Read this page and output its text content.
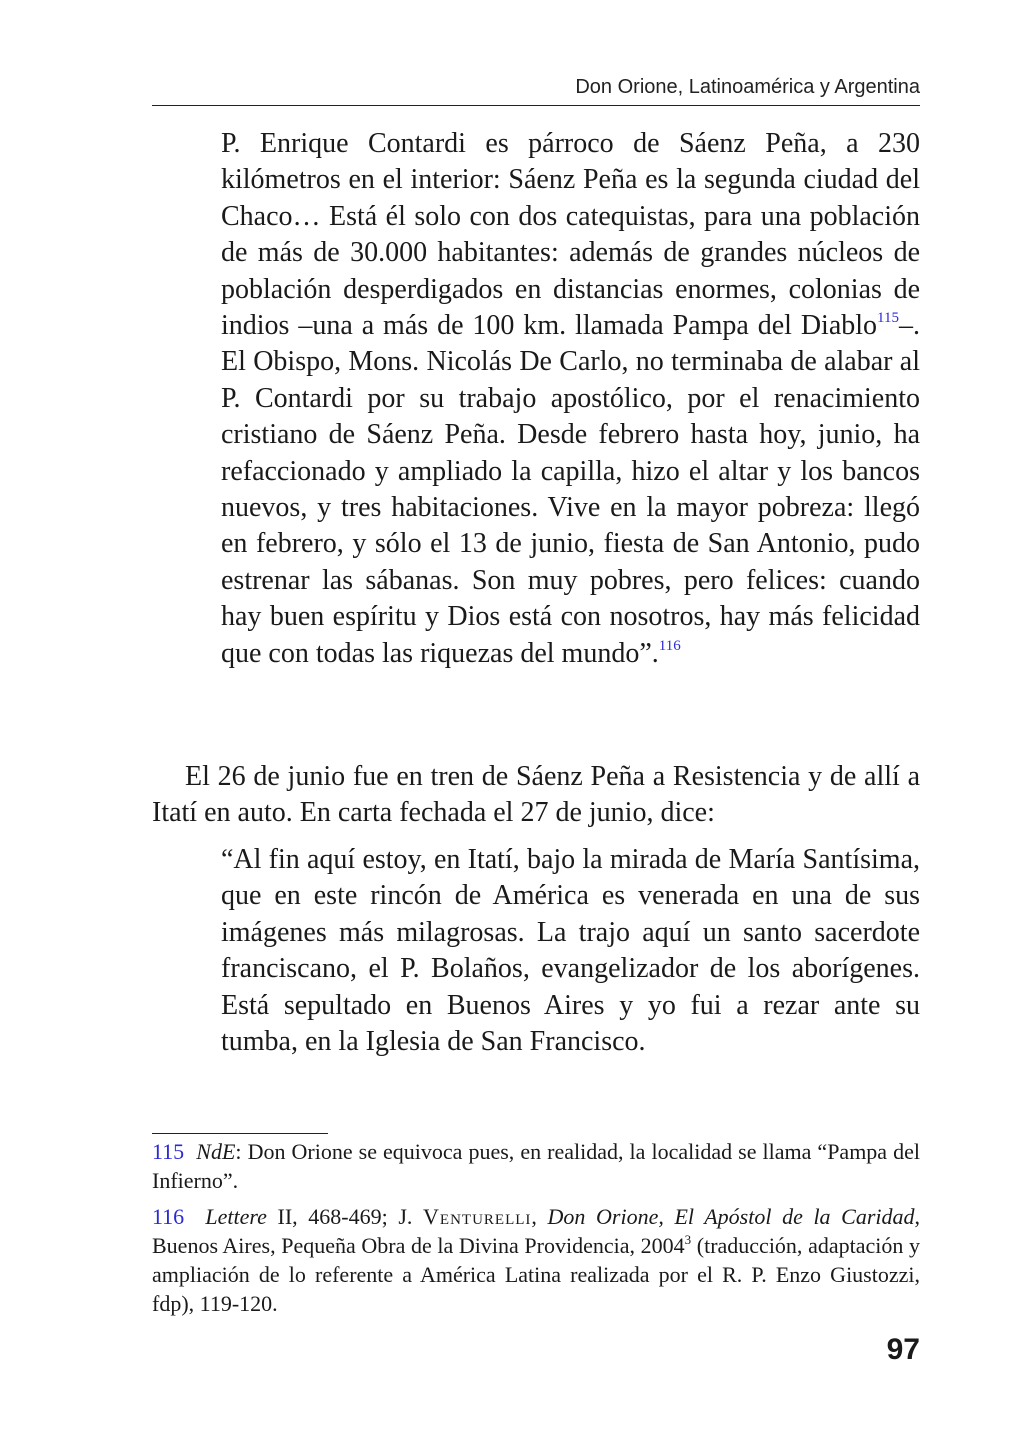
Don Orione, Latinoamérica y Argentina

P. Enrique Contardi es párroco de Sáenz Peña, a 230 kilómetros en el interior: Sáenz Peña es la segunda ciudad del Chaco… Está él solo con dos catequistas, para una población de más de 30.000 habitantes: además de grandes núcleos de población desperdigados en distancias enormes, colonias de indios –una a más de 100 km. llamada Pampa del Diablo$^{115}$–. El Obispo, Mons. Nicolás De Carlo, no terminaba de alabar al P. Contardi por su trabajo apostólico, por el renacimiento cristiano de Sáenz Peña. Desde febrero hasta hoy, junio, ha refaccionado y ampliado la capilla, hizo el altar y los bancos nuevos, y tres habitaciones. Vive en la mayor pobreza: llegó en febrero, y sólo el 13 de junio, fiesta de San Antonio, pudo estrenar las sábanas. Son muy pobres, pero felices: cuando hay buen espíritu y Dios está con nosotros, hay más felicidad que con todas las riquezas del mundo”.$^{116}$

El 26 de junio fue en tren de Sáenz Peña a Resistencia y de allí a Itatí en auto. En carta fechada el 27 de junio, dice:

“Al fin aquí estoy, en Itatí, bajo la mirada de María Santísima, que en este rincón de América es venerada en una de sus imágenes más milagrosas. La trajo aquí un santo sacerdote franciscano, el P. Bolaños, evangelizador de los aborígenes. Está sepultado en Buenos Aires y yo fui a rezar ante su tumba, en la Iglesia de San Francisco.

115 NdE: Don Orione se equivoca pues, en realidad, la localidad se llama “Pampa del Infierno”.

116 Lettere II, 468-469; J. Venturelli, Don Orione, El Apóstol de la Caridad, Buenos Aires, Pequeña Obra de la Divina Providencia, 2004$^3$ (traducción, adaptación y ampliación de lo referente a América Latina realizada por el R. P. Enzo Giustozzi, fdp), 119-120.

97
